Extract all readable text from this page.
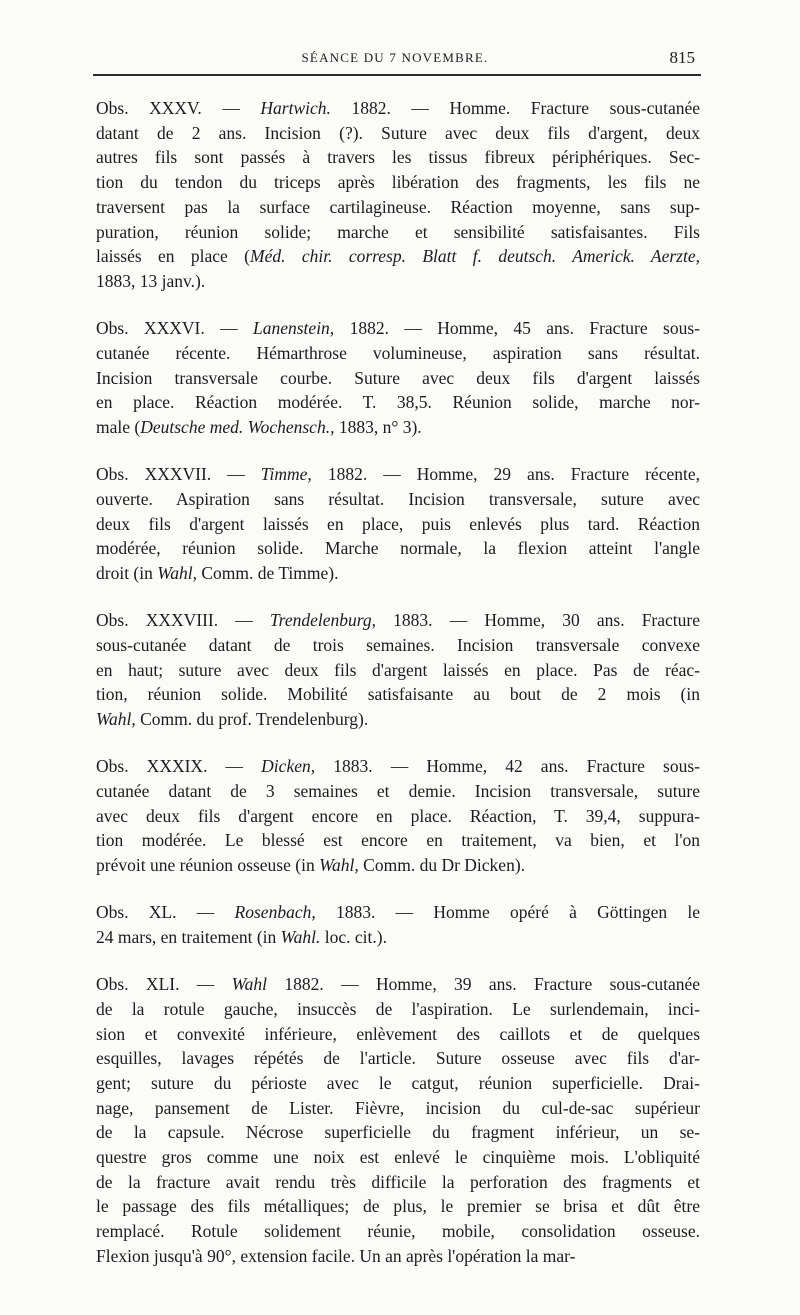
SÉANCE DU 7 NOVEMBRE.	815
Obs. XXXV. — Hartwich. 1882. — Homme. Fracture sous-cutanée
datant de 2 ans. Incision (?). Suture avec deux fils d'argent, deux
autres fils sont passés à travers les tissus fibreux périphériques. Sec-
tion du tendon du triceps après libération des fragments, les fils ne
traversent pas la surface cartilagineuse. Réaction moyenne, sans sup-
puration, réunion solide; marche et sensibilité satisfaisantes. Fils
laissés en place (Méd. chir. corresp. Blatt f. deutsch. Americk. Aerzte,
1883, 13 janv.).
Obs. XXXVI. — Lanenstein, 1882. — Homme, 45 ans. Fracture sous-
cutanée récente. Hémarthrose volumineuse, aspiration sans résultat.
Incision transversale courbe. Suture avec deux fils d'argent laissés
en place. Réaction modérée. T. 38,5. Réunion solide, marche nor-
male (Deutsche med. Wochensch., 1883, n° 3).
Obs. XXXVII. — Timme, 1882. — Homme, 29 ans. Fracture récente,
ouverte. Aspiration sans résultat. Incision transversale, suture avec
deux fils d'argent laissés en place, puis enlevés plus tard. Réaction
modérée, réunion solide. Marche normale, la flexion atteint l'angle
droit (in Wahl, Comm. de Timme).
Obs. XXXVIII. — Trendelenburg, 1883. — Homme, 30 ans. Fracture
sous-cutanée datant de trois semaines. Incision transversale convexe
en haut; suture avec deux fils d'argent laissés en place. Pas de réac-
tion, réunion solide. Mobilité satisfaisante au bout de 2 mois (in
Wahl, Comm. du prof. Trendelenburg).
Obs. XXXIX. — Dicken, 1883. — Homme, 42 ans. Fracture sous-
cutanée datant de 3 semaines et demie. Incision transversale, suture
avec deux fils d'argent encore en place. Réaction, T. 39,4, suppura-
tion modérée. Le blessé est encore en traitement, va bien, et l'on
prévoit une réunion osseuse (in Wahl, Comm. du Dr Dicken).
Obs. XL. — Rosenbach, 1883. — Homme opéré à Göttingen le
24 mars, en traitement (in Wahl. loc. cit.).
Obs. XLI. — Wahl 1882. — Homme, 39 ans. Fracture sous-cutanée
de la rotule gauche, insuccès de l'aspiration. Le surlendemain, inci-
sion et convexité inférieure, enlèvement des caillots et de quelques
esquilles, lavages répétés de l'article. Suture osseuse avec fils d'ar-
gent; suture du périoste avec le catgut, réunion superficielle. Drai-
nage, pansement de Lister. Fièvre, incision du cul-de-sac supérieur
de la capsule. Nécrose superficielle du fragment inférieur, un se-
questre gros comme une noix est enlevé le cinquième mois. L'obliquité
de la fracture avait rendu très difficile la perforation des fragments et
le passage des fils métalliques; de plus, le premier se brisa et dût être
remplacé. Rotule solidement réunie, mobile, consolidation osseuse.
Flexion jusqu'à 90°, extension facile. Un an après l'opération la mar-
